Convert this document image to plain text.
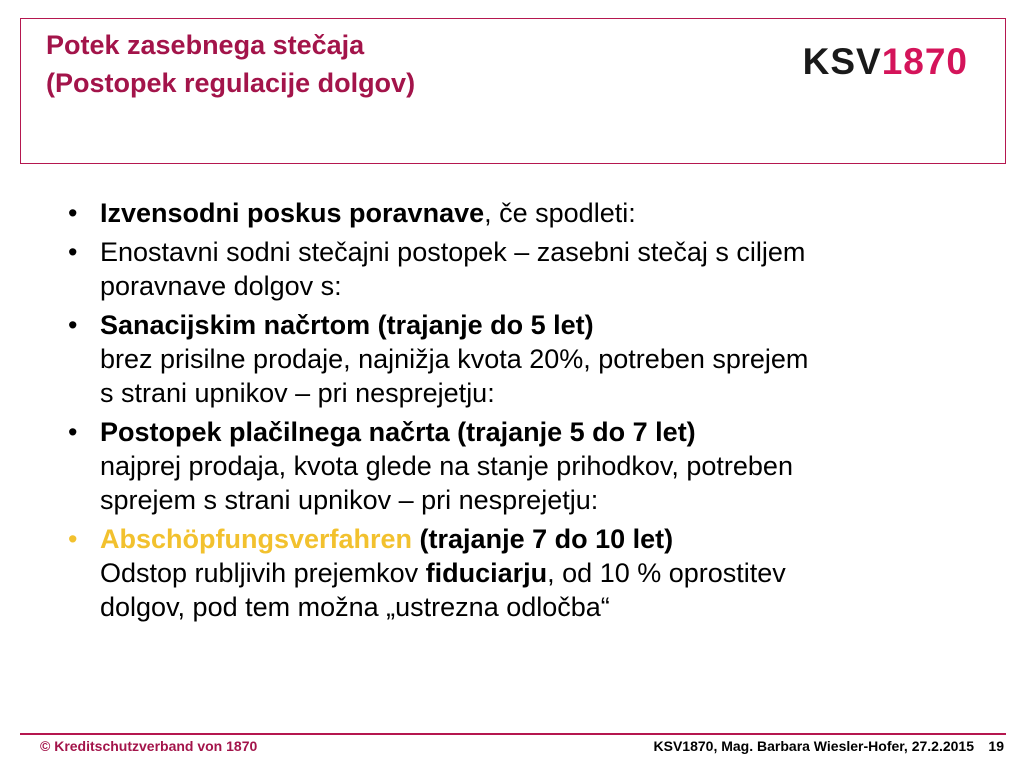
Potek zasebnega stečaja
(Postopek regulacije dolgov)
KSV1870
• Izvensodni poskus poravnave, če spodleti:
• Enostavni sodni stečajni postopek – zasebni stečaj s ciljem
poravnave dolgov s:
• Sanacijskim načrtom (trajanje do 5 let)
brez prisilne prodaje, najnižja kvota 20%, potreben sprejem
s strani upnikov – pri nesprejetju:
• Postopek plačilnega načrta (trajanje 5 do 7 let)
najprej prodaja, kvota glede na stanje prihodkov, potreben
sprejem s strani upnikov – pri nesprejetju:
• Abschöpfungsverfahren (trajanje 7 do 10 let)
Odstop rubljivih prejemkov fiduciarju, od 10 % oprostitev
dolgov, pod tem možna „ustrezna odločba“
© Kreditschutzverband von 1870	KSV1870, Mag. Barbara Wiesler-Hofer, 27.2.2015 19
